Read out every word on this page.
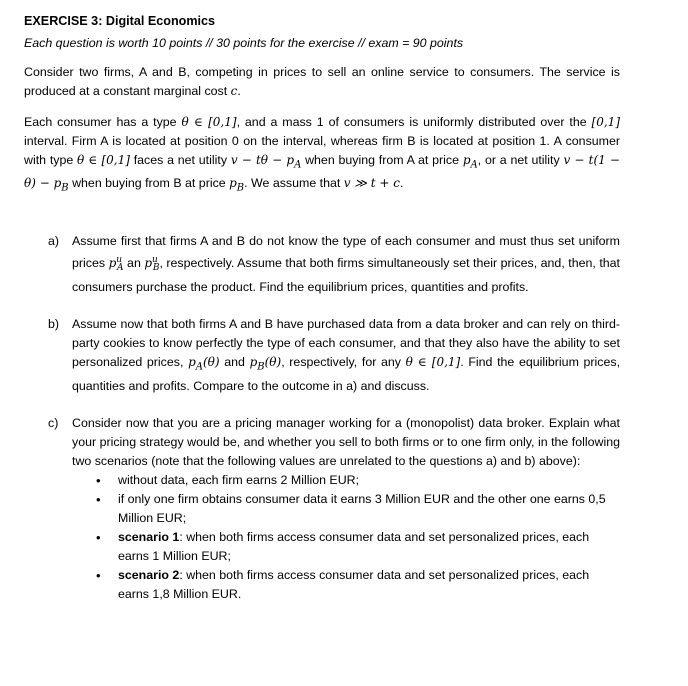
EXERCISE 3: Digital Economics
Each question is worth 10 points // 30 points for the exercise // exam = 90 points

Consider two firms, A and B, competing in prices to sell an online service to consumers. The service is produced at a constant marginal cost c.

Each consumer has a type θ ∈ [0,1], and a mass 1 of consumers is uniformly distributed over the [0,1] interval. Firm A is located at position 0 on the interval, whereas firm B is located at position 1. A consumer with type θ ∈ [0,1] faces a net utility $v - t\theta - p_A$ when buying from A at price $p_A$, or a net utility $v - t(1 - \theta) - p_B$ when buying from B at price $p_B$. We assume that v ≫ t + c.

a) Assume first that firms A and B do not know the type of each consumer and must thus set uniform prices $p^u_A$ an $p^u_B$, respectively. Assume that both firms simultaneously set their prices, and, then, that consumers purchase the product. Find the equilibrium prices, quantities and profits.
b) Assume now that both firms A and B have purchased data from a data broker and can rely on third-party cookies to know perfectly the type of each consumer, and that they also have the ability to set personalized prices, $p_A(\theta)$ and $p_B(\theta)$, respectively, for any θ ∈ [0,1]. Find the equilibrium prices, quantities and profits. Compare to the outcome in a) and discuss.
c) Consider now that you are a pricing manager working for a (monopolist) data broker. Explain what your pricing strategy would be, and whether you sell to both firms or to one firm only, in the following two scenarios (note that the following values are unrelated to the questions a) and b) above):
• without data, each firm earns 2 Million EUR;
• if only one firm obtains consumer data it earns 3 Million EUR and the other one earns 0,5 Million EUR;
• scenario 1: when both firms access consumer data and set personalized prices, each earns 1 Million EUR;
• scenario 2: when both firms access consumer data and set personalized prices, each earns 1,8 Million EUR.
